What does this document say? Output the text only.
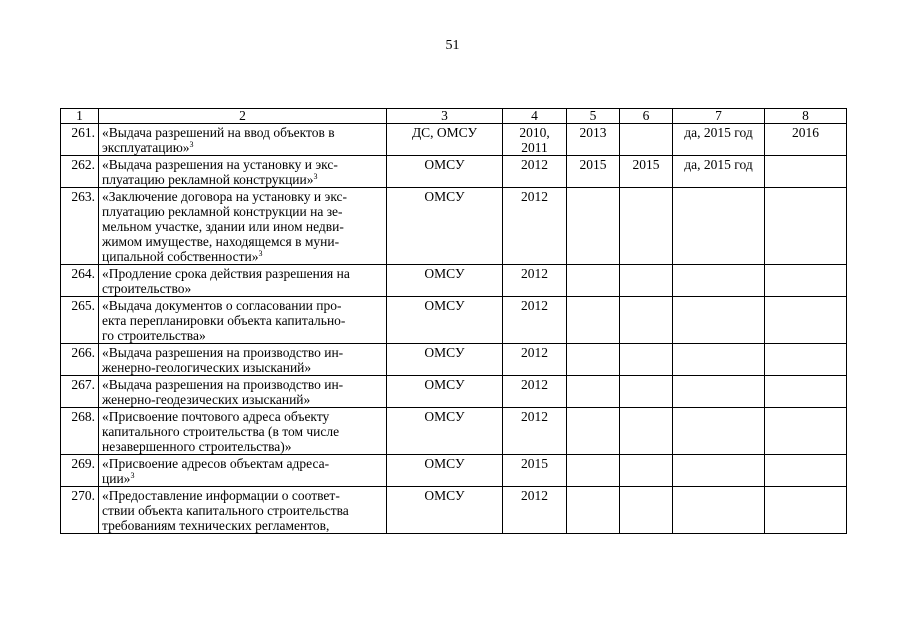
51
1	2	3	4	5	6	7	8
261.	«Выдача разрешений на ввод объектов в
эксплуатацию»$^3$	ДС, ОМСУ	2010,
2011	2013		да, 2015 год	2016
262.	«Выдача разрешения на установку и экс-
плуатацию рекламной конструкции»$^3$	ОМСУ	2012	2015	2015	да, 2015 год	
263.	«Заключение договора на установку и экс-
плуатацию рекламной конструкции на зе-
мельном участке, здании или ином недви-
жимом имуществе, находящемся в муни-
ципальной собственности»$^3$	ОМСУ	2012				
264.	«Продление срока действия разрешения на
строительство»	ОМСУ	2012				
265.	«Выдача документов о согласовании про-
екта перепланировки объекта капитально-
го строительства»	ОМСУ	2012				
266.	«Выдача разрешения на производство ин-
женерно-геологических изысканий»	ОМСУ	2012				
267.	«Выдача разрешения на производство ин-
женерно-геодезических изысканий»	ОМСУ	2012				
268.	«Присвоение почтового адреса объекту
капитального строительства (в том числе
незавершенного строительства)»	ОМСУ	2012				
269.	«Присвоение адресов объектам адреса-
ции»$^3$	ОМСУ	2015				
270.	«Предоставление информации о соответ-
ствии объекта капитального строительства
требованиям технических регламентов,	ОМСУ	2012				
